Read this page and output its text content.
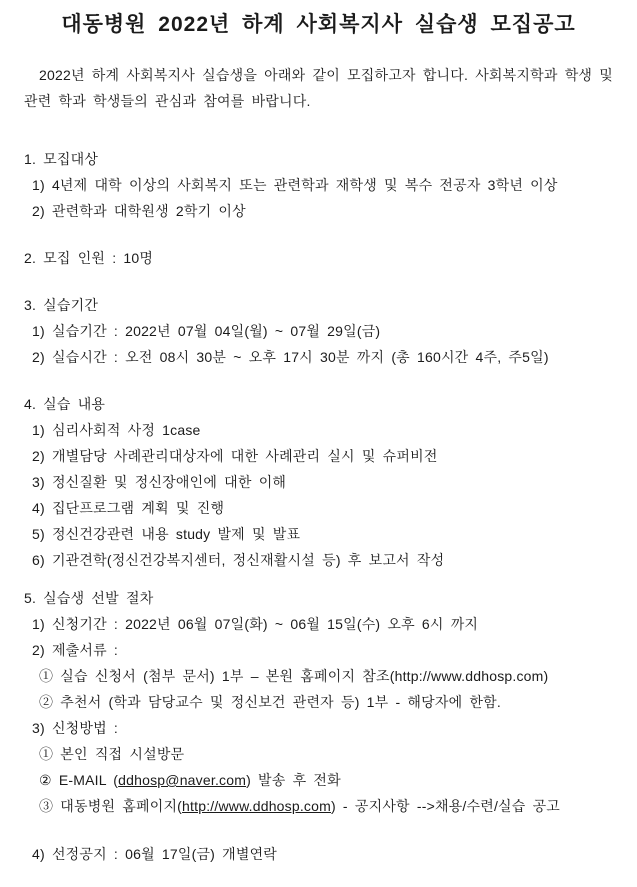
대동병원 2022년 하계 사회복지사 실습생 모집공고

2022년 하계 사회복지사 실습생을 아래와 같이 모집하고자 합니다. 사회복지학과 학생 및 관련 학과 학생들의 관심과 참여를 바랍니다.

1. 모집대상
1) 4년제 대학 이상의 사회복지 또는 관련학과 재학생 및 복수 전공자 3학년 이상
2) 관련학과 대학원생 2학기 이상
2. 모집 인원 : 10명
3. 실습기간
1) 실습기간 : 2022년 07월 04일(월) ~ 07월 29일(금)
2) 실습시간 : 오전 08시 30분 ~ 오후 17시 30분 까지 (총 160시간 4주, 주5일)
4. 실습 내용
1) 심리사회적 사정 1case
2) 개별담당 사례관리대상자에 대한 사례관리 실시 및 슈퍼비전
3) 정신질환 및 정신장애인에 대한 이해
4) 집단프로그램 계획 및 진행
5) 정신건강관련 내용 study 발제 및 발표
6) 기관견학(정신건강복지센터, 정신재활시설 등) 후 보고서 작성
5. 실습생 선발 절차
1) 신청기간 : 2022년 06월 07일(화) ~ 06월 15일(수) 오후 6시 까지
2) 제출서류 :
① 실습 신청서 (첨부 문서) 1부 – 본원 홈페이지 참조(http://www.ddhosp.com)
② 추천서 (학과 담당교수 및 정신보건 관련자 등) 1부 - 해당자에 한함.
3) 신청방법 :
① 본인 직접 시설방문
② E-MAIL (ddhosp@naver.com) 발송 후 전화
③ 대동병원 홈페이지(http://www.ddhosp.com) - 공지사항 -->채용/수련/실습 공고
4) 선정공지 : 06월 17일(금) 개별연락
